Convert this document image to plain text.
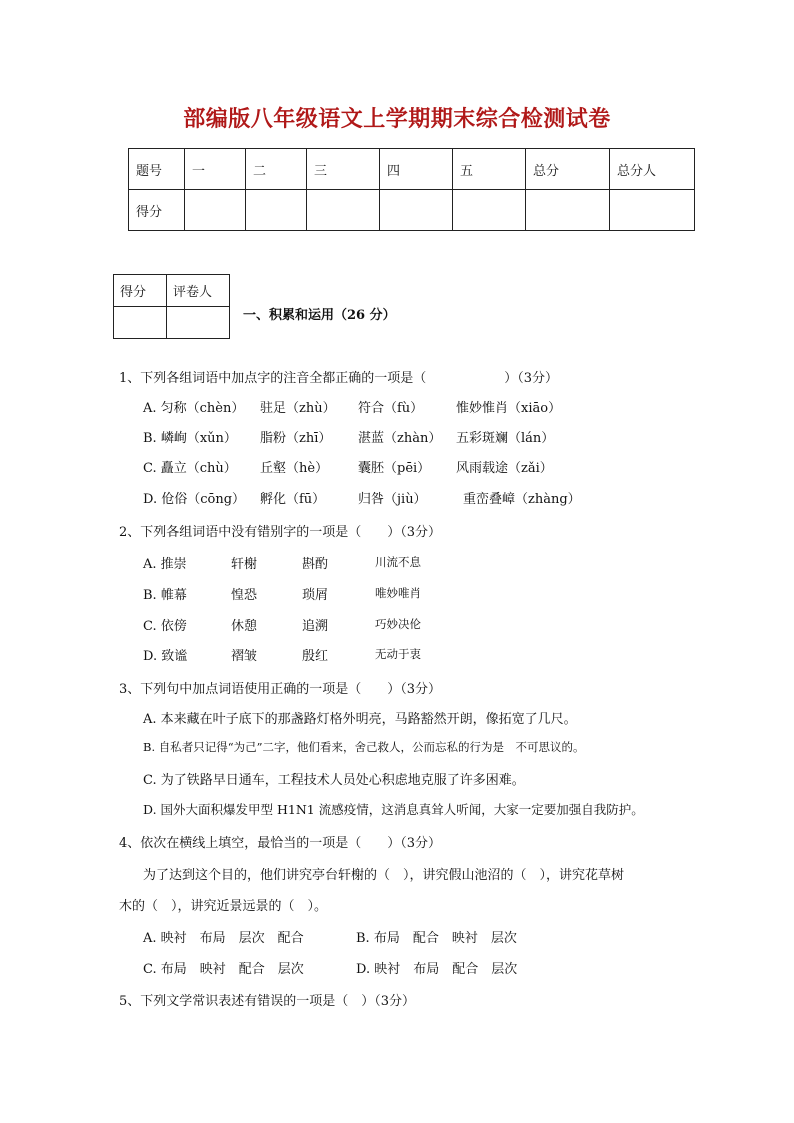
部编版八年级语文上学期期末综合检测试卷
题号	一	二	三	四	五	总分	总分人
得分							
得分	评卷人

一、积累和运用（26 分）
1、下列各组词语中加点字的注音全都正确的一项是（　　　　　　）（3分）
A. 匀称（chèn） 驻足（zhù） 符合（fù）	惟妙惟肖（xiāo）
B. 嶙峋（xǔn） 脂粉（zhī） 湛蓝（zhàn） 五彩斑斓（lán）
C. 矗立（chù） 丘壑（hè） 囊胚（pēi） 风雨载途（zǎi）
D. 伧俗（cōng） 孵化（fū）	归咎（jiù）	重峦叠嶂（zhàng）
2、下列各组词语中没有错别字的一项是（　　）（3分）
A. 推崇	轩榭	斟酌	川流不息
B. 帷幕	惶恐	琐屑	唯妙唯肖
C. 依傍	休憩	追溯	巧妙决伦
D. 致谧	褶皱	殷红	无动于衷
3、下列句中加点词语使用正确的一项是（　　）（3分）
A. 本来藏在叶子底下的那盏路灯格外明亮，马路豁然开朗，像拓宽了几尺。
B. 自私者只记得“为己”二字，他们看来，舍己救人，公而忘私的行为是　不可思议的。
C. 为了铁路早日通车，工程技术人员处心积虑地克服了许多困难。
D. 国外大面积爆发甲型 H1N1 流感疫情，这消息真耸人听闻，大家一定要加强自我防护。
4、依次在横线上填空，最恰当的一项是（　　）（3分）
为了达到这个目的，他们讲究亭台轩榭的（　），讲究假山池沼的（　），讲究花草树
木的（　），讲究近景远景的（　）。
A. 映衬　布局　层次　配合	B. 布局　配合　映衬　层次
C. 布局　映衬　配合　层次	D. 映衬　布局　配合　层次
5、下列文学常识表述有错误的一项是（　）（3分）
